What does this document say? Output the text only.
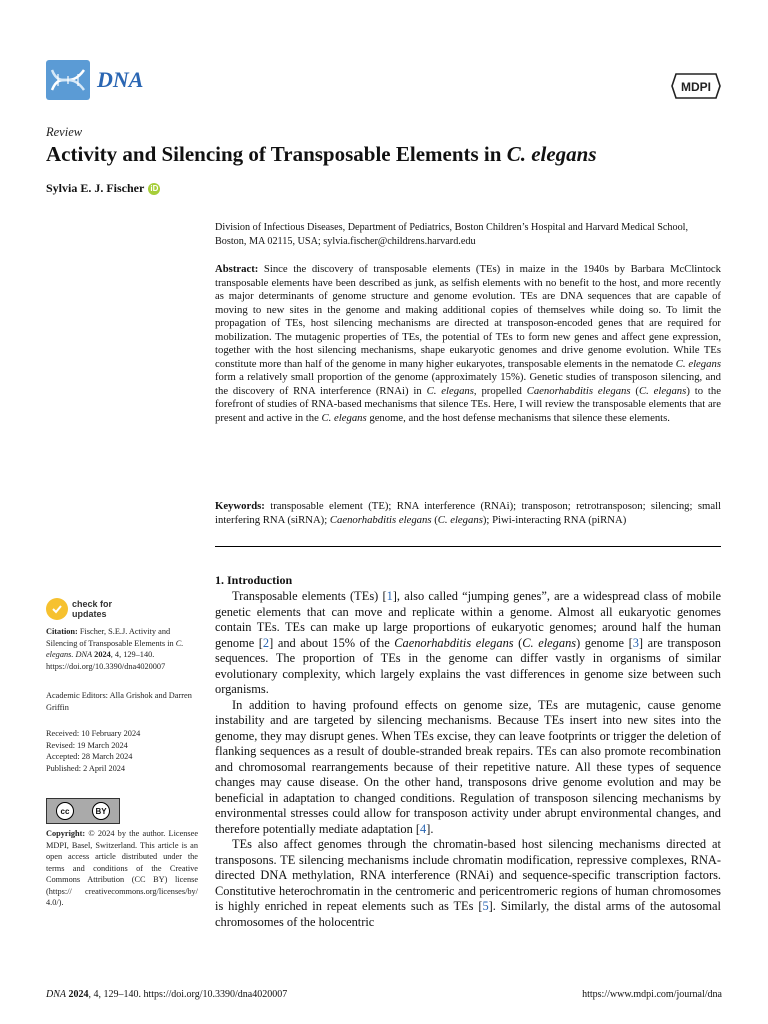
DNA	MDPI
Review
Activity and Silencing of Transposable Elements in C. elegans
Sylvia E. J. Fischer iD
Division of Infectious Diseases, Department of Pediatrics, Boston Children’s Hospital and Harvard Medical School, Boston, MA 02115, USA; sylvia.fischer@childrens.harvard.edu
Abstract: Since the discovery of transposable elements (TEs) in maize in the 1940s by Barbara McClintock transposable elements have been described as junk, as selfish elements with no benefit to the host, and more recently as major determinants of genome structure and genome evolution. TEs are DNA sequences that are capable of moving to new sites in the genome and making additional copies of themselves while doing so. To limit the propagation of TEs, host silencing mechanisms are directed at transposon-encoded genes that are required for mobilization. The mutagenic properties of TEs, the potential of TEs to form new genes and affect gene expression, together with the host silencing mechanisms, shape eukaryotic genomes and drive genome evolution. While TEs constitute more than half of the genome in many higher eukaryotes, transposable elements in the nematode C. elegans form a relatively small proportion of the genome (approximately 15%). Genetic studies of transposon silencing, and the discovery of RNA interference (RNAi) in C. elegans, propelled Caenorhabditis elegans (C. elegans) to the forefront of studies of RNA-based mechanisms that silence TEs. Here, I will review the transposable elements that are present and active in the C. elegans genome, and the host defense mechanisms that silence these elements.
Keywords: transposable element (TE); RNA interference (RNAi); transposon; retrotransposon; silencing; small interfering RNA (siRNA); Caenorhabditis elegans (C. elegans); Piwi-interacting RNA (piRNA)
1. Introduction

Transposable elements (TEs) [1], also called “jumping genes”, are a widespread class of mobile genetic elements that can move and replicate within a genome. Almost all eukaryotic genomes contain TEs. TEs can make up large proportions of eukaryotic genomes; around half the human genome [2] and about 15% of the Caenorhabditis elegans (C. elegans) genome [3] are transposon sequences. The proportion of TEs in the genome can differ vastly in organisms of similar evolutionary complexity, which largely explains the vast differences in genome size between such organisms.

In addition to having profound effects on genome size, TEs are mutagenic, cause genome instability and are targeted by silencing mechanisms. Because TEs insert into new sites into the genome, they may disrupt genes. When TEs excise, they can leave footprints or trigger the deletion of flanking sequences as a result of double-stranded break repairs. TEs can also promote recombination and chromosomal rearrangements because of their repetitive nature. All these types of sequence changes may cause disease. On the other hand, transposons drive genome evolution and may be beneficial in adaptation to changed conditions. Regulation of transposon silencing mechanisms by environmental stresses could allow for transposon activity under abrupt environmental changes, and therefore potentially mediate adaptation [4].

TEs also affect genomes through the chromatin-based host silencing mechanisms directed at transposons. TE silencing mechanisms include chromatin modification, repressive complexes, RNA-directed DNA methylation, RNA interference (RNAi) and sequence-specific transcription factors. Constitutive heterochromatin in the centromeric and pericentromeric regions of human chromosomes is highly enriched in repeat elements such as TEs [5]. Similarly, the distal arms of the autosomal chromosomes of the holocentric

check for
updates
Citation: Fischer, S.E.J. Activity and Silencing of Transposable Elements in C. elegans. DNA 2024, 4, 129–140. https://doi.org/10.3390/dna4020007
Academic Editors: Alla Grishok and Darren Griffin
Received: 10 February 2024
Revised: 19 March 2024
Accepted: 28 March 2024
Published: 2 April 2024
cc	BY
Copyright: © 2024 by the author. Licensee MDPI, Basel, Switzerland. This article is an open access article distributed under the terms and conditions of the Creative Commons Attribution (CC BY) license (https:// creativecommons.org/licenses/by/ 4.0/).
DNA 2024, 4, 129–140. https://doi.org/10.3390/dna4020007	https://www.mdpi.com/journal/dna
